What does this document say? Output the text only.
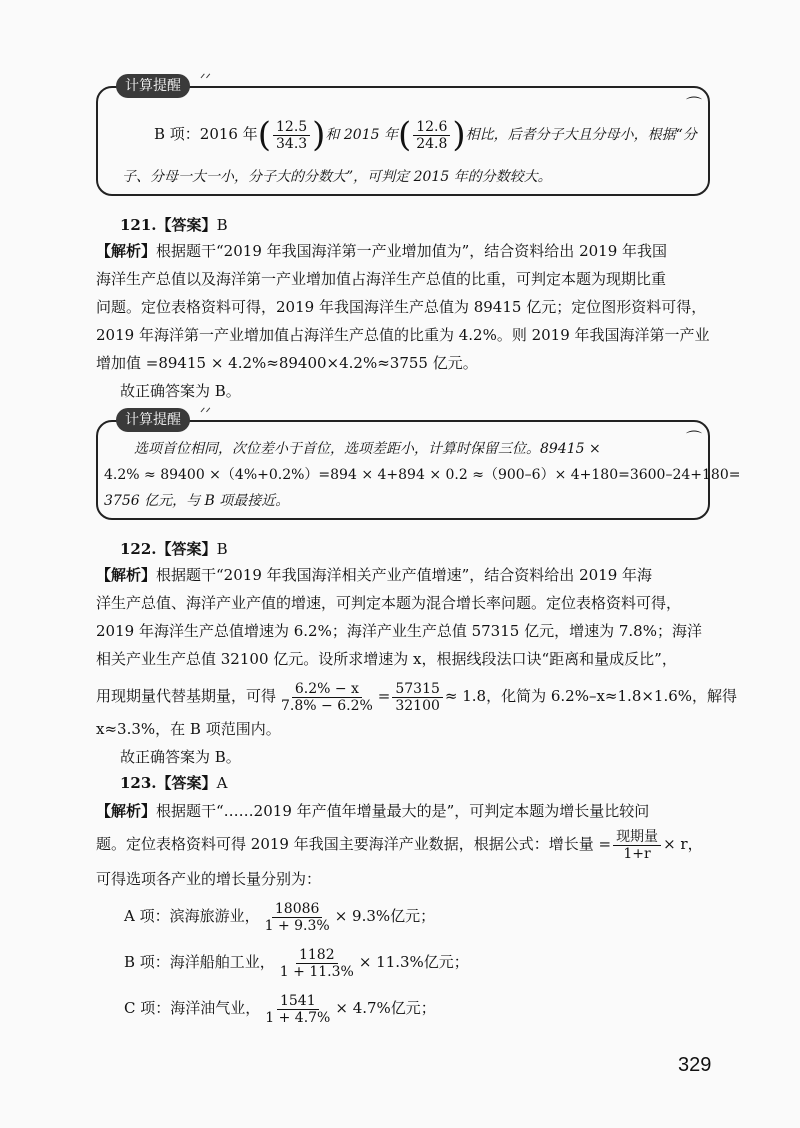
计算提醒	ᐟᐟ
⌒
B 项：2016 年( $\frac{12.5}{34.3}$ )和 2015 年( $\frac{12.6}{24.8}$ )相比，后者分子大且分母小，根据“分
子、分母一大一小，分子大的分数大”，可判定 2015 年的分数较大。
121.【答案】B
【解析】根据题干“2019 年我国海洋第一产业增加值为”，结合资料给出 2019 年我国
海洋生产总值以及海洋第一产业增加值占海洋生产总值的比重，可判定本题为现期比重
问题。定位表格资料可得，2019 年我国海洋生产总值为 89415 亿元；定位图形资料可得，
2019 年海洋第一产业增加值占海洋生产总值的比重为 4.2%。则 2019 年我国海洋第一产业
增加值 =89415 × 4.2%≈89400×4.2%≈3755 亿元。
故正确答案为 B。
计算提醒	ᐟᐟ
⌒
选项首位相同，次位差小于首位，选项差距小，计算时保留三位。89415 ×
4.2% ≈ 89400 ×（4%+0.2%）=894 × 4+894 × 0.2 ≈（900–6）× 4+180=3600–24+180=
3756 亿元，与 B 项最接近。
122.【答案】B
【解析】根据题干“2019 年我国海洋相关产业产值增速”，结合资料给出 2019 年海
洋生产总值、海洋产业产值的增速，可判定本题为混合增长率问题。定位表格资料可得，
2019 年海洋生产总值增速为 6.2%；海洋产业生产总值 57315 亿元，增速为 7.8%；海洋
相关产业生产总值 32100 亿元。设所求增速为 x，根据线段法口诀“距离和量成反比”，
用现期量代替基期量，可得 $\frac{6.2\% - x}{7.8\% - 6.2\%} = \frac{57315}{32100} \approx 1.8$，化简为 6.2%–x≈1.8×1.6%，解得
x≈3.3%，在 B 项范围内。
故正确答案为 B。
123.【答案】A
【解析】根据题干“……2019 年产值年增量最大的是”，可判定本题为增长量比较问
题。定位表格资料可得 2019 年我国主要海洋产业数据，根据公式：增长量 = $\frac{\text{现期量}}{1+r} \times r$，
可得选项各产业的增长量分别为：
A 项：滨海旅游业， $\frac{18086}{1 + 9.3\%} \times 9.3\%$亿元；
B 项：海洋船舶工业， $\frac{1182}{1 + 11.3\%} \times 11.3\%$亿元；
C 项：海洋油气业， $\frac{1541}{1 + 4.7\%} \times 4.7\%$亿元；
329
